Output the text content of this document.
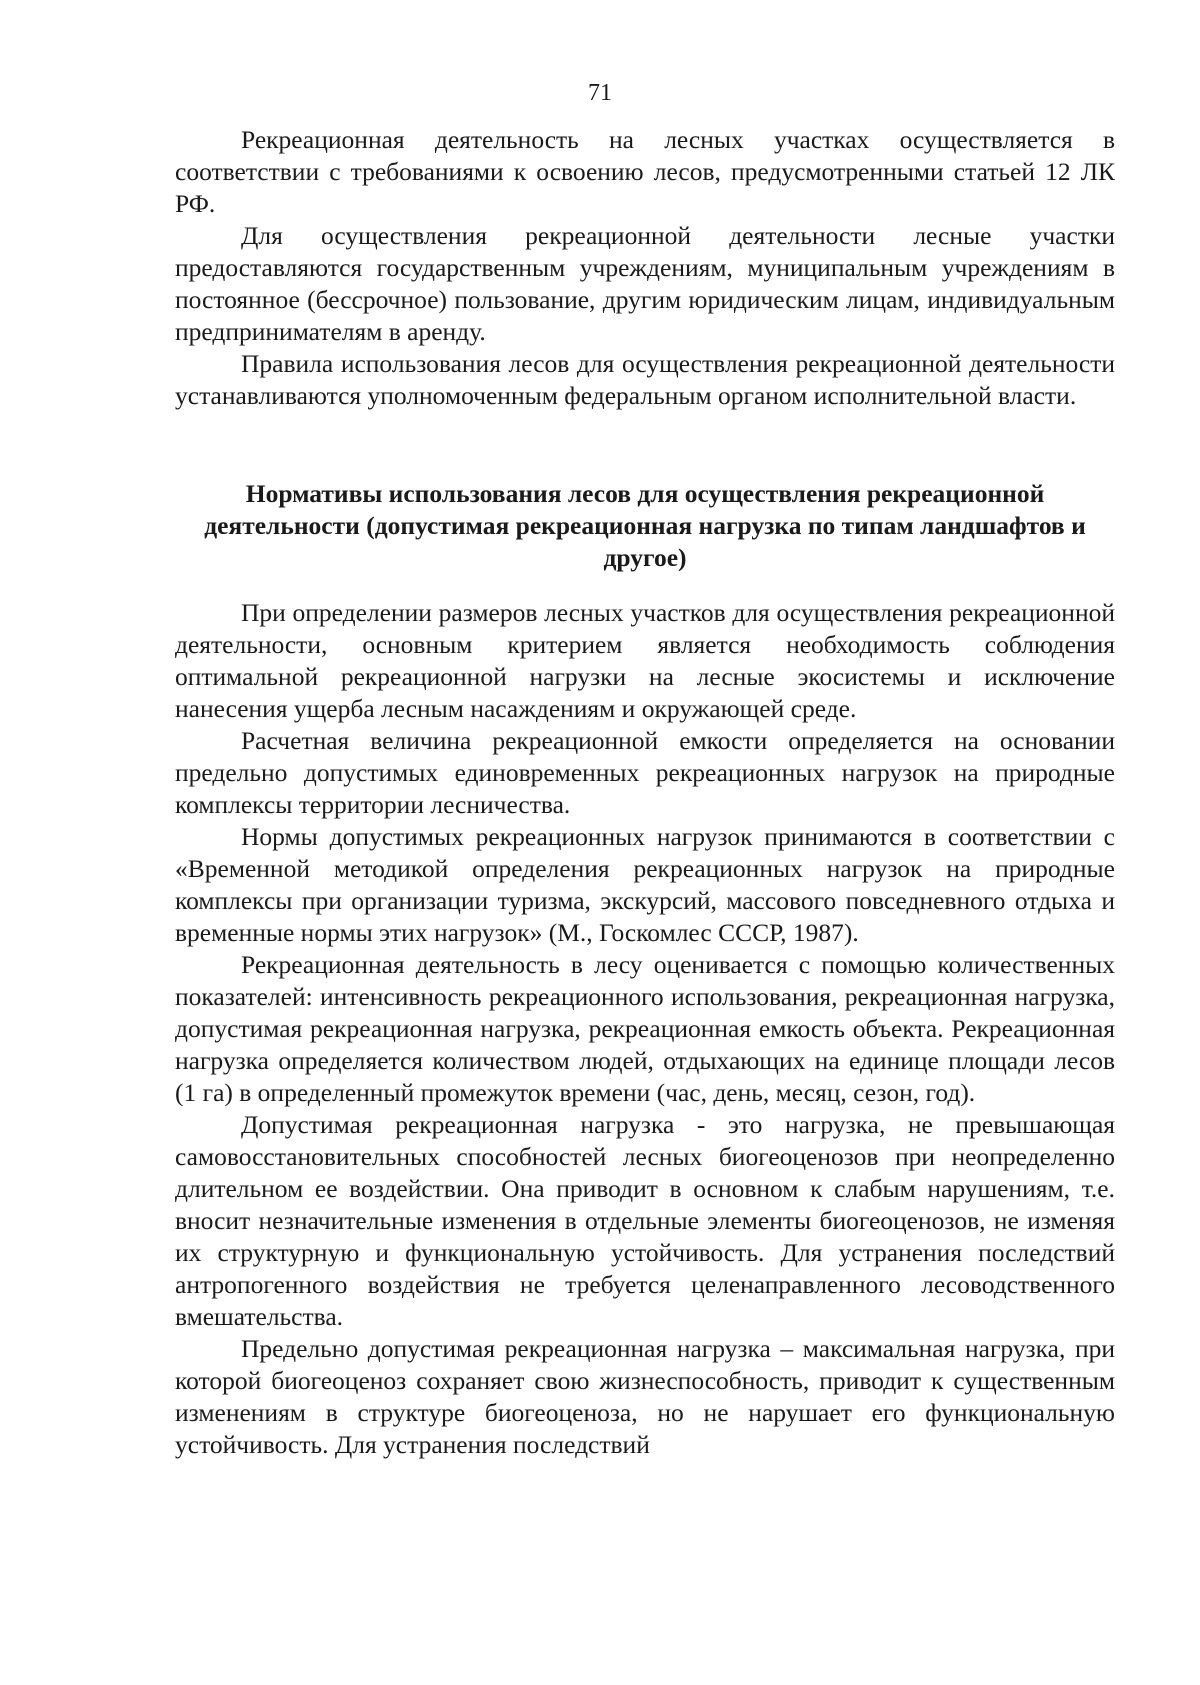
71

Рекреационная деятельность на лесных участках осуществляется в соответствии с требованиями к освоению лесов, предусмотренными статьей 12 ЛК РФ.

Для осуществления рекреационной деятельности лесные участки предоставляются государственным учреждениям, муниципальным учреждениям в постоянное (бессрочное) пользование, другим юридическим лицам, индивидуальным предпринимателям в аренду.

Правила использования лесов для осуществления рекреационной деятельности устанавливаются уполномоченным федеральным органом исполнительной власти.

Нормативы использования лесов для осуществления рекреационной деятельности (допустимая рекреационная нагрузка по типам ландшафтов и другое)

При определении размеров лесных участков для осуществления рекреационной деятельности, основным критерием является необходимость соблюдения оптимальной рекреационной нагрузки на лесные экосистемы и исключение нанесения ущерба лесным насаждениям и окружающей среде.

Расчетная величина рекреационной емкости определяется на основании предельно допустимых единовременных рекреационных нагрузок на природные комплексы территории лесничества.

Нормы допустимых рекреационных нагрузок принимаются в соответствии с «Временной методикой определения рекреационных нагрузок на природные комплексы при организации туризма, экскурсий, массового повседневного отдыха и временные нормы этих нагрузок» (М., Госкомлес СССР, 1987).

Рекреационная деятельность в лесу оценивается с помощью количественных показателей: интенсивность рекреационного использования, рекреационная нагрузка, допустимая рекреационная нагрузка, рекреационная емкость объекта. Рекреационная нагрузка определяется количеством людей, отдыхающих на единице площади лесов (1 га) в определенный промежуток времени (час, день, месяц, сезон, год).

Допустимая рекреационная нагрузка - это нагрузка, не превышающая самовосстановительных способностей лесных биогеоценозов при неопределенно длительном ее воздействии. Она приводит в основном к слабым нарушениям, т.е. вносит незначительные изменения в отдельные элементы биогеоценозов, не изменяя их структурную и функциональную устойчивость. Для устранения последствий антропогенного воздействия не требуется целенаправленного лесоводственного вмешательства.

Предельно допустимая рекреационная нагрузка – максимальная нагрузка, при которой биогеоценоз сохраняет свою жизнеспособность, приводит к существенным изменениям в структуре биогеоценоза, но не нарушает его функциональную устойчивость. Для устранения последствий
